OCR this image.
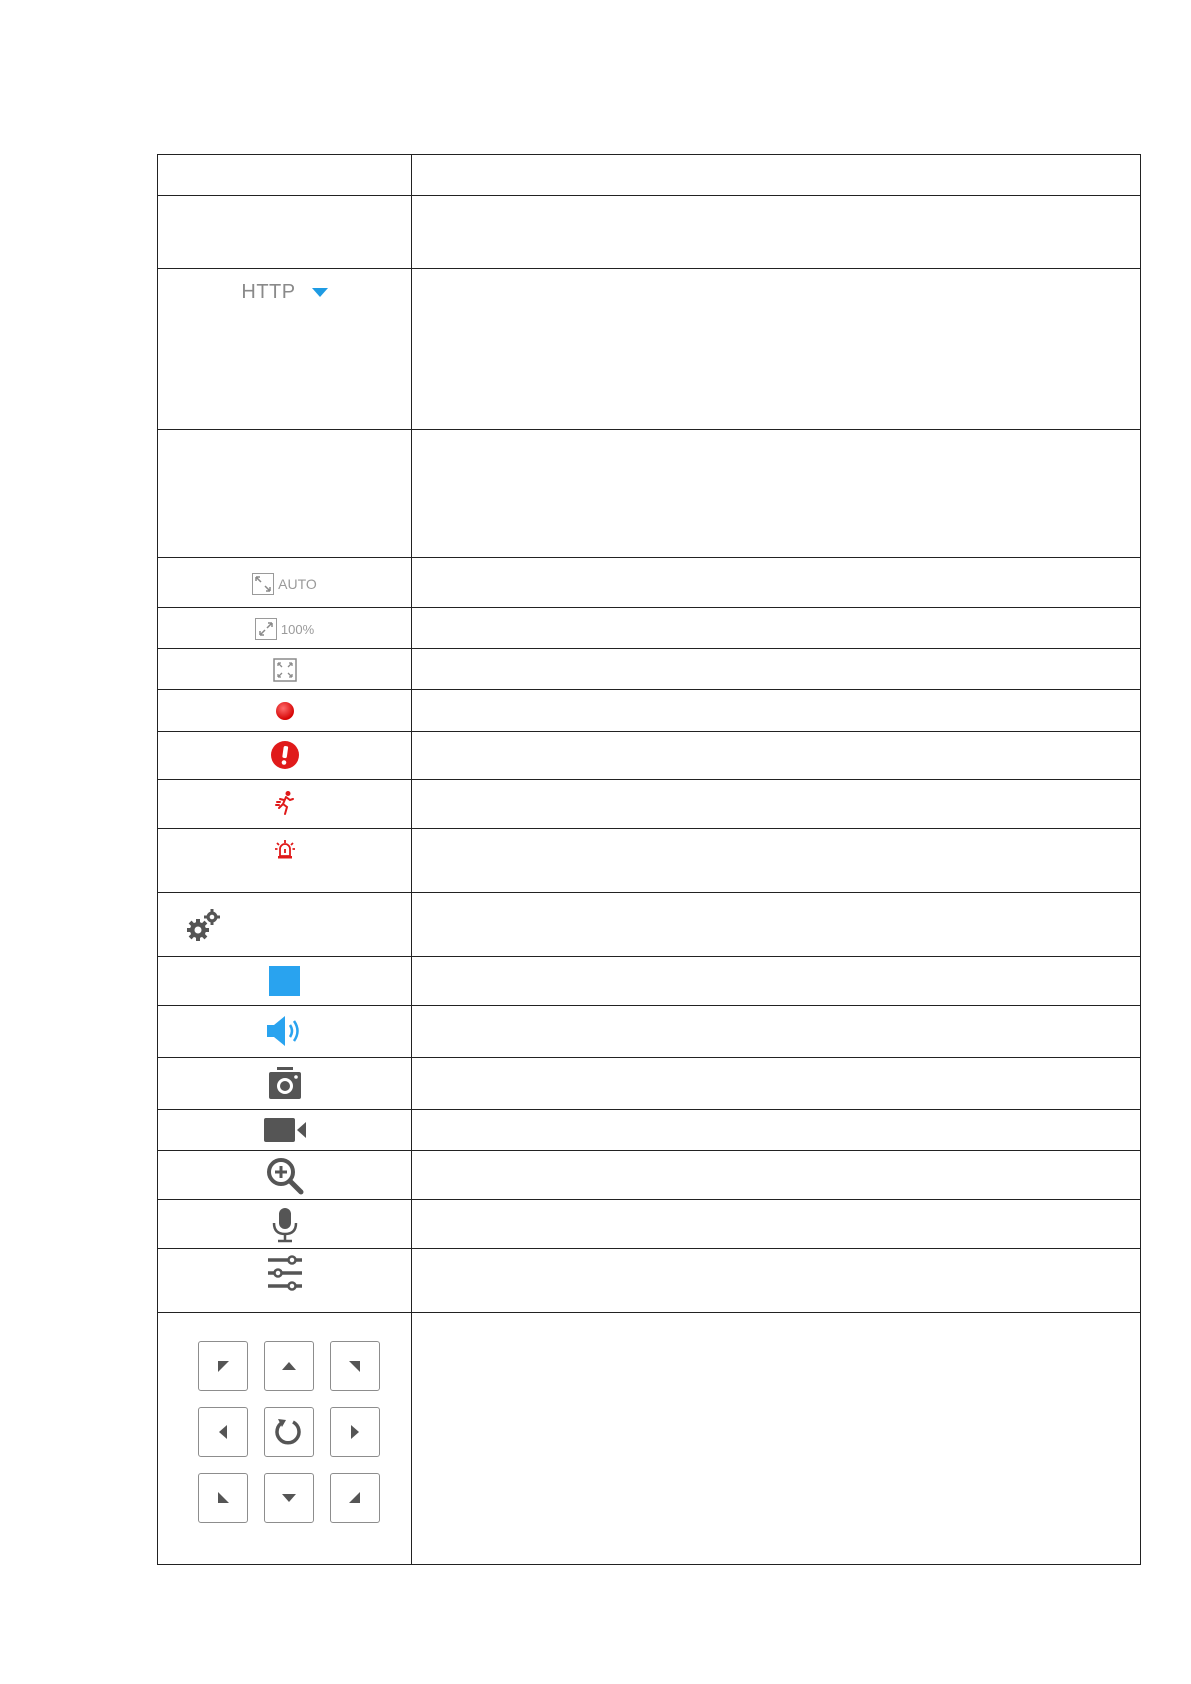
HTTP	

AUTO	

100%	
